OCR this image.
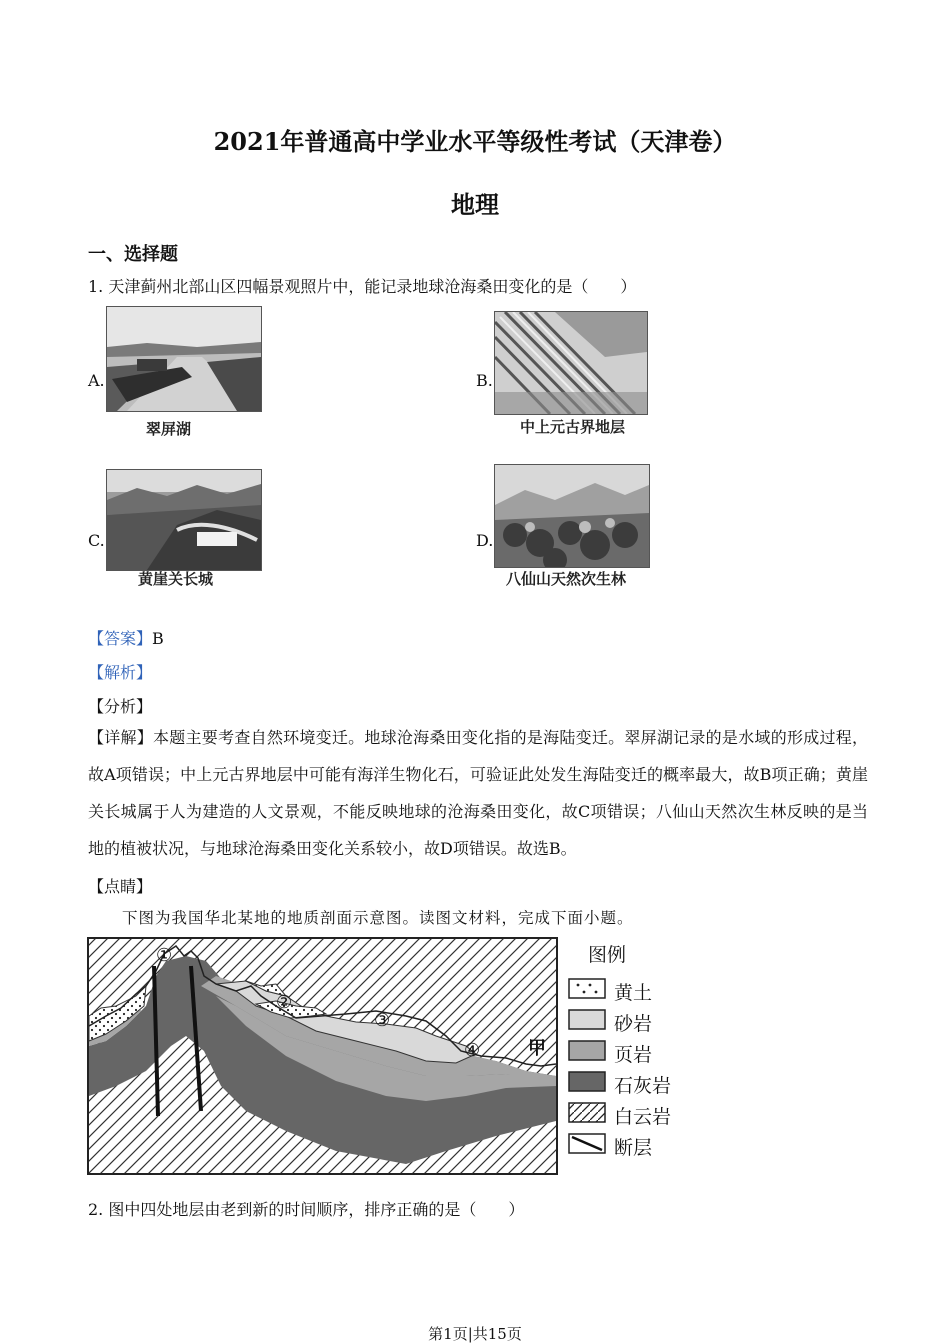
2021年普通高中学业水平等级性考试（天津卷）
地理
一、选择题
1. 天津蓟州北部山区四幅景观照片中，能记录地球沧海桑田变化的是（　　）
A.
翠屏湖
B.
中上元古界地层
C.
黄崖关长城
D.
八仙山天然次生林
【答案】B
【解析】
【分析】
【详解】本题主要考查自然环境变迁。地球沧海桑田变化指的是海陆变迁。翠屏湖记录的是水域的形成过程，故A项错误；中上元古界地层中可能有海洋生物化石，可验证此处发生海陆变迁的概率最大，故B项正确；黄崖关长城属于人为建造的人文景观，不能反映地球的沧海桑田变化，故C项错误；八仙山天然次生林反映的是当地的植被状况，与地球沧海桑田变化关系较小，故D项错误。故选B。
【点睛】
下图为我国华北某地的地质剖面示意图。读图文材料，完成下面小题。
①
②
③
④	甲
图例
黄土
砂岩
页岩
石灰岩
白云岩
断层
2. 图中四处地层由老到新的时间顺序，排序正确的是（　　）
第1页|共15页
